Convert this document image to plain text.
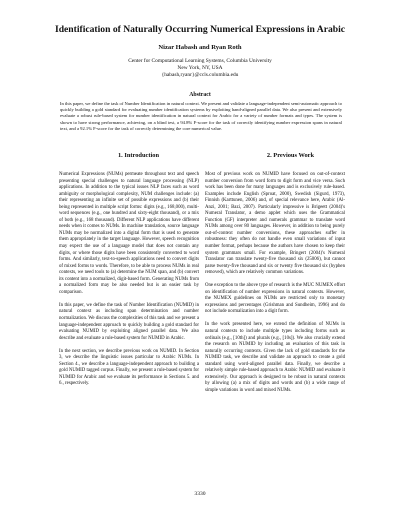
Identification of Naturally Occurring Numerical Expressions in Arabic
Nizar Habash and Ryan Roth
Center for Computational Learning Systems, Columbia University
New York, NY, USA
{habash,ryanr}@ccls.columbia.edu
Abstract
In this paper, we define the task of Number Identification in natural context. We present and validate a language-independent semi-automatic approach to quickly building a gold standard for evaluating number identification systems by exploiting hand-aligned parallel data. We also present and extensively evaluate a robust rule-based system for number identification in natural context for Arabic for a variety of number formats and types. The system is shown to have strong performance, achieving, on a blind test, a 94.8% F-score for the task of correctly identifying number expression spans in natural text, and a 92.1% F-score for the task of correctly determining the core numerical value.
1. Introduction	2. Previous Work

Numerical Expressions (NUMs) permeate throughout text and speech presenting special challenges to natural language processing (NLP) applications. In addition to the typical issues NLP faces such as word ambiguity or morphological complexity, NUM challenges include: (a) their representing an infinite set of possible expressions and (b) their being represented in multiple script forms: digits (e.g., 168,000), multi-word sequences (e.g., one hundred and sixty-eight thousand), or a mix of both (e.g., 168 thousand). Different NLP applications have different needs when it comes to NUMs. In machine translation, source language NUMs may be normalized into a digital form that is used to generate them appropriately in the target language. However, speech recognition may expect the use of a language model that does not contain any digits, or where those digits have been consistently converted to word forms. And similarly, text-to-speech applications need to convert digits of mixed forms to words. Therefore, to be able to process NUMs in real contexts, we need tools to (a) determine the NUM span, and (b) convert its content into a normalized, digit-based form. Generating NUMs from a normalized form may be also needed but is an easier task by comparison.

In this paper, we define the task of Number Identification (NUMID) in natural context as including span determination and number normalization. We discuss the complexities of this task and we present a language-independent approach to quickly building a gold standard for evaluating NUMID by exploiting aligned parallel data. We also describe and evaluate a rule-based system for NUMID in Arabic.

In the next section, we describe previous work on NUMID. In Section 3, we describe the linguistic issues particular to Arabic NUMs. In Section 4., we describe a language-independent approach to building a gold NUMID tagged corpus. Finally, we present a rule-based system for NUMID for Arabic and we evaluate its performance in Sections 5. and 6., respectively.

Most of previous work on NUMID have focused on out-of-context number conversion from word form to digit form and vice versa. Such work has been done for many languages and is exclusively rule-based. Examples include English (Sproat, 2000), Swedish (Sigurd, 1973), Finnish (Karttunen, 2006) and, of special relevance here, Arabic (Al-Anzi, 2001; Bazi, 2007). Particularly impressive is Brigeett (2004)'s Numeral Translator, a demo applet which uses the Grammatical Function (GF) interpreter and numerals grammar to translate word NUMs among over 80 languages. However, in addition to being purely out-of-context number conversions, these approaches suffer in robustness: they often do not handle even small variations of input number format, perhaps because the authors have chosen to keep their system grammars small. For example, Bringert (2004)'s Numeral Translator can translate twenty-five thousand six (25006), but cannot parse twenty-five thousand and six or twenty five thousand six (hyphen removed), which are relatively common variations.

One exception to the above type of research is the MUC NUMEX effort on identification of number expressions in natural contexts. However, the NUMEX guidelines on NUMs are restricted only to monetary expressions and percentages (Grishman and Sundheim, 1996) and do not include normalization into a digit form.

In the work presented here, we extend the definition of NUMs in natural contexts to include multiple types including forms such as ordinals (e.g., [10th]) and plurals (e.g., [10s]). We also crucially extend the research on NUMID by including an evaluation of this task in naturally occurring contexts. Given the lack of gold standards for the NUMID task, we describe and validate an approach to create a gold standard using word-aligned parallel data. Finally, we describe a relatively simple rule-based approach to Arabic NUMID and evaluate it extensively. Our approach is designed to be robust in natural contexts by allowing (a) a mix of digits and words and (b) a wide range of simple variations in word and mixed NUMs.

3330
